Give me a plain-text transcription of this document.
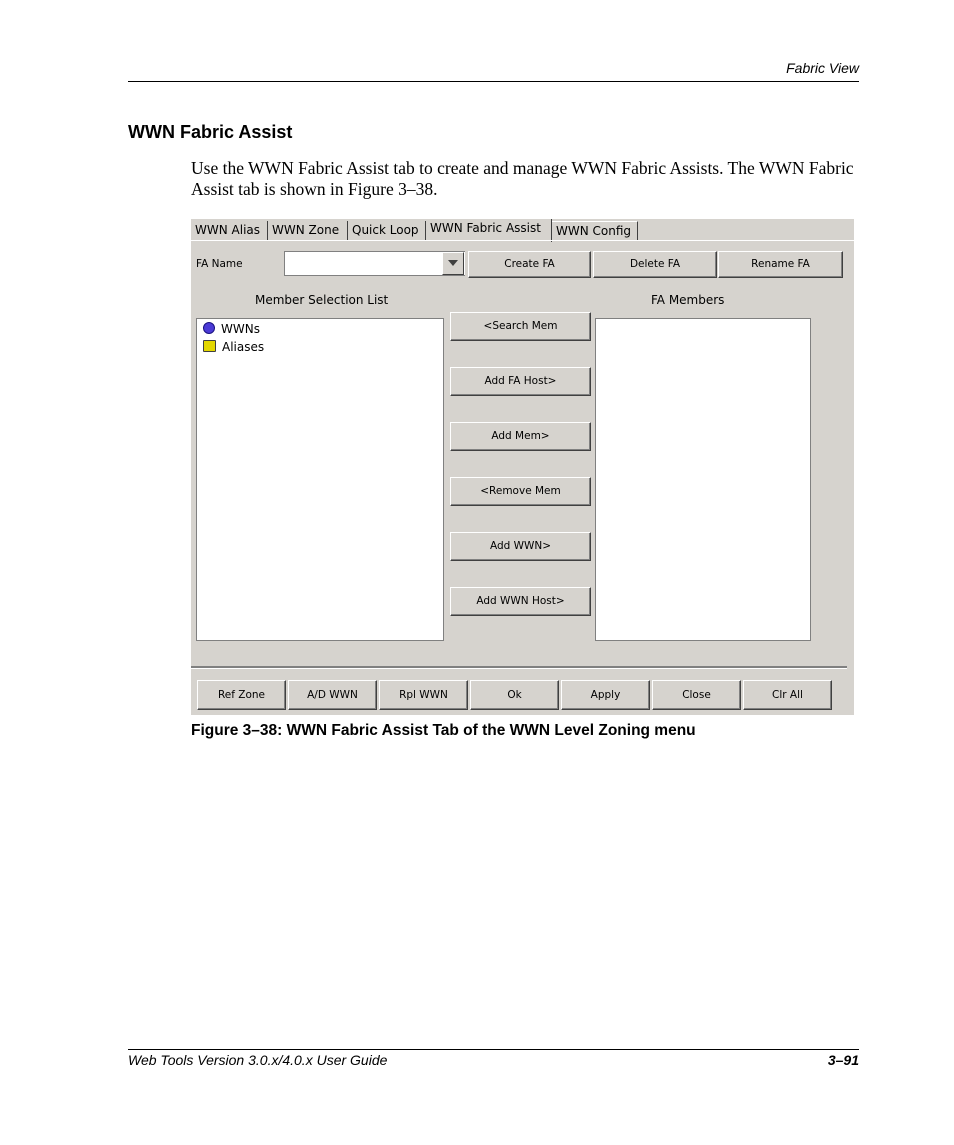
Fabric View
WWN Fabric Assist
Use the WWN Fabric Assist tab to create and manage WWN Fabric Assists. The WWN Fabric Assist tab is shown in Figure 3–38.
WWN Alias WWN Zone	Quick Loop WWN Fabric Assist	WWN Config
FA Name	Create FA	Delete FA	Rename FA
Member Selection List	FA Members
WWNs
Aliases
<Search Mem
Add FA Host>
Add Mem>
<Remove Mem
Add WWN>
Add WWN Host>
Ref Zone	A/D WWN	Rpl WWN	Ok	Apply	Close	Clr All
Figure 3–38: WWN Fabric Assist Tab of the WWN Level Zoning menu
Web Tools Version 3.0.x/4.0.x User Guide	3–91
